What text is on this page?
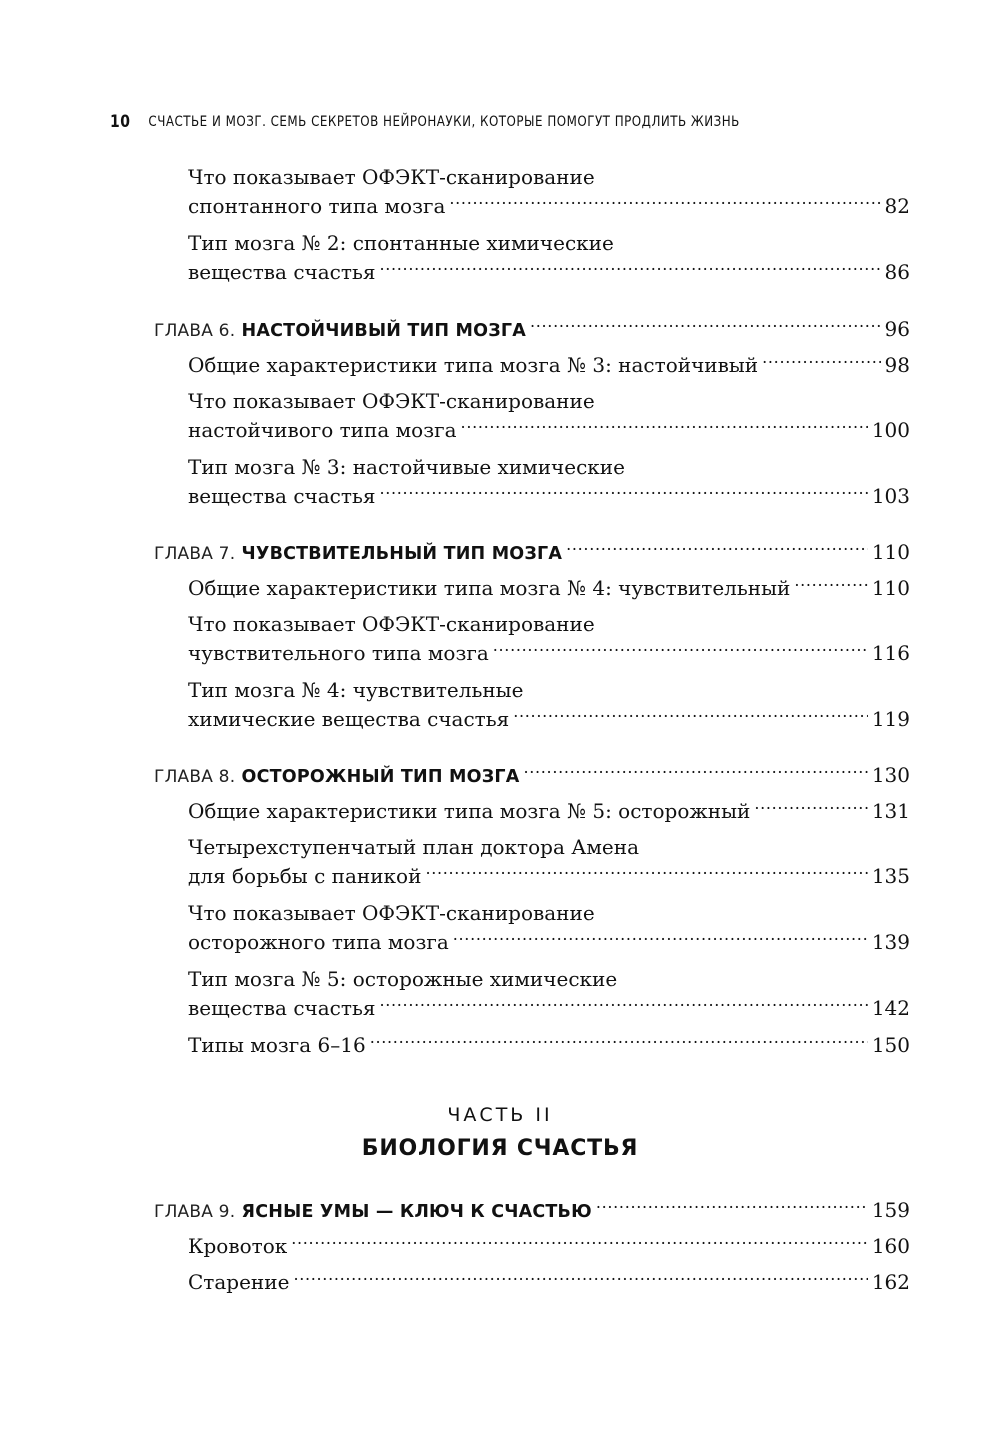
10 СЧАСТЬЕ И МОЗГ. СЕМЬ СЕКРЕТОВ НЕЙРОНАУКИ, КОТОРЫЕ ПОМОГУТ ПРОДЛИТЬ ЖИЗНЬ
Что показывает ОФЭКТ-сканирование
спонтанного типа мозга . . .	82
Тип мозга № 2: спонтанные химические
вещества счастья . . .	86
ГЛАВА 6. НАСТОЙЧИВЫЙ ТИП МОЗГА . . .	96
Общие характеристики типа мозга № 3: настойчивый . . .	98
Что показывает ОФЭКТ-сканирование
настойчивого типа мозга . . .	100
Тип мозга № 3: настойчивые химические
вещества счастья . . .	103
ГЛАВА 7. ЧУВСТВИТЕЛЬНЫЙ ТИП МОЗГА . . .	110
Общие характеристики типа мозга № 4: чувствительный . . .	110
Что показывает ОФЭКТ-сканирование
чувствительного типа мозга . . .	116
Тип мозга № 4: чувствительные
химические вещества счастья . . .	119
ГЛАВА 8. ОСТОРОЖНЫЙ ТИП МОЗГА . . .	130
Общие характеристики типа мозга № 5: осторожный . . .	131
Четырехступенчатый план доктора Амена
для борьбы с паникой . . .	135
Что показывает ОФЭКТ-сканирование
осторожного типа мозга . . .	139
Тип мозга № 5: осторожные химические
вещества счастья . . .	142
Типы мозга 6–16 . . .	150
ЧАСТЬ II
БИОЛОГИЯ СЧАСТЬЯ
ГЛАВА 9. ЯСНЫЕ УМЫ — КЛЮЧ К СЧАСТЬЮ . . .	159
Кровоток . . .	160
Старение . . .	162
